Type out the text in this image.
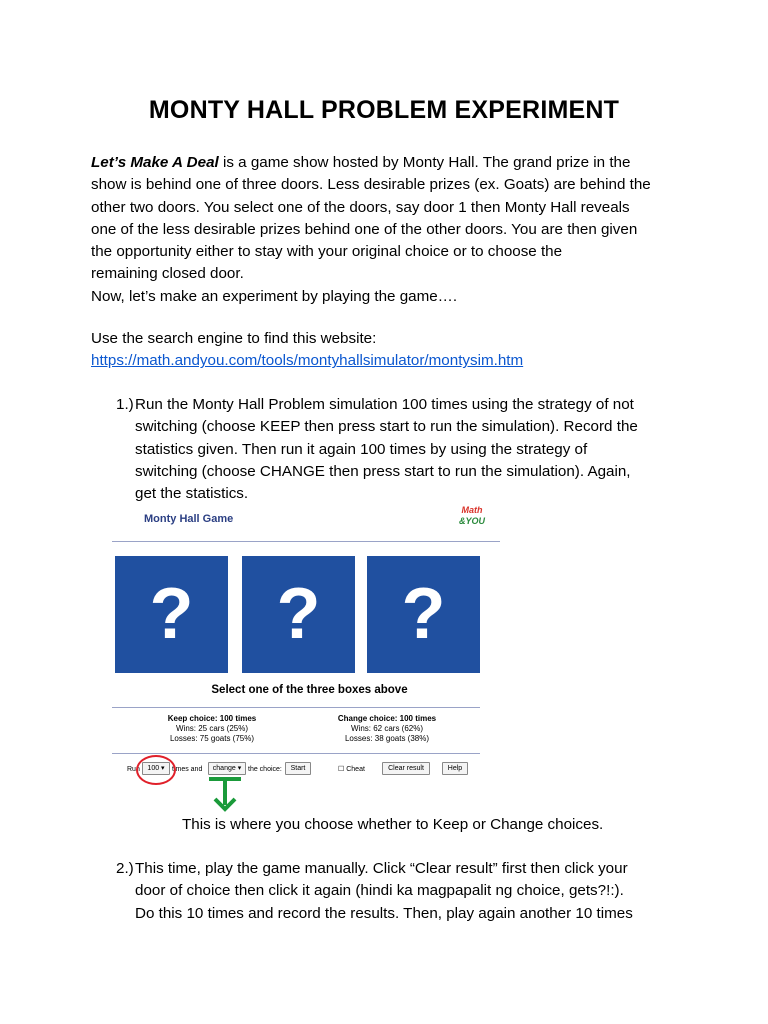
MONTY HALL PROBLEM EXPERIMENT
Let’s Make A Deal is a game show hosted by Monty Hall. The grand prize in the
show is behind one of three doors. Less desirable prizes (ex. Goats) are behind the
other two doors. You select one of the doors, say door 1 then Monty Hall reveals
one of the less desirable prizes behind one of the other doors. You are then given
the opportunity either to stay with your original choice or to choose the
remaining closed door.
Now, let’s make an experiment by playing the game….
Use the search engine to find this website:
https://math.andyou.com/tools/montyhallsimulator/montysim.htm
1.) Run the Monty Hall Problem simulation 100 times using the strategy of not
switching (choose KEEP then press start to run the simulation). Record the
statistics given. Then run it again 100 times by using the strategy of
switching (choose CHANGE then press start to run the simulation). Again,
get the statistics.
Monty Hall Game
Math
&YOU
?	?	?
Select one of the three boxes above
Keep choice: 100 times
Wins: 25 cars (25%)
Losses: 75 goats (75%)
Change choice: 100 times
Wins: 62 cars (62%)
Losses: 38 goats (38%)
Run	100 ▾	times and	change ▾ the choice:	Start	☐ Cheat	Clear result	Help
This is where you choose whether to Keep or Change choices.
2.) This time, play the game manually. Click “Clear result” first then click your
door of choice then click it again (hindi ka magpapalit ng choice, gets?!:).
Do this 10 times and record the results. Then, play again another 10 times
